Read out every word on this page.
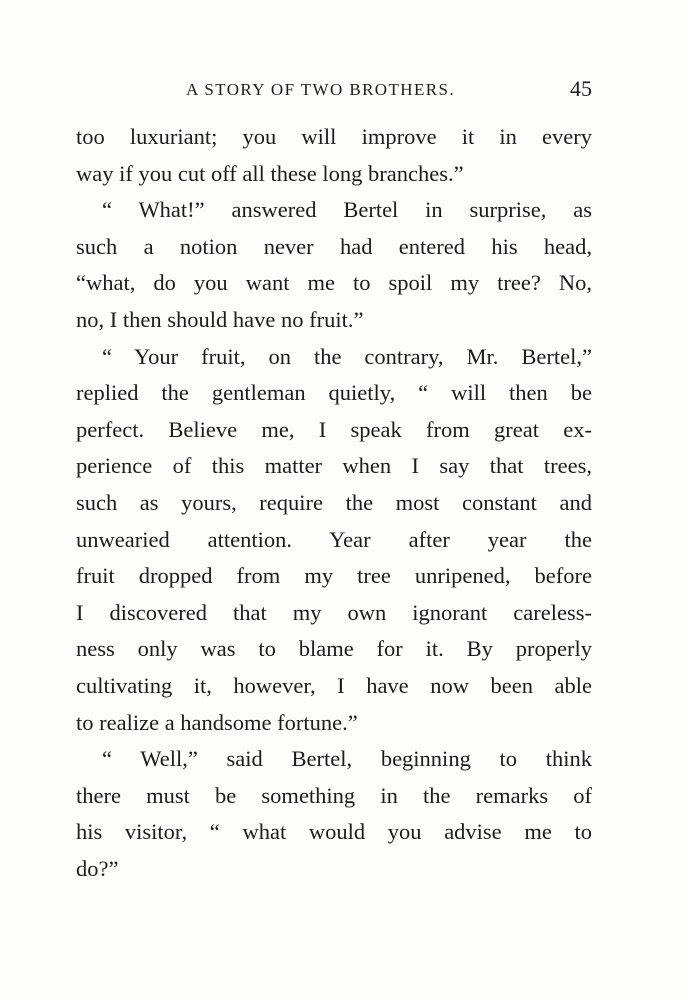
A STORY OF TWO BROTHERS.	45
too luxuriant; you will improve it in every
way if you cut off all these long branches.”
“ What!” answered Bertel in surprise, as
such a notion never had entered his head,
“what, do you want me to spoil my tree? No,
no, I then should have no fruit.”
“ Your fruit, on the contrary, Mr. Bertel,”
replied the gentleman quietly, “ will then be
perfect. Believe me, I speak from great ex-
perience of this matter when I say that trees,
such as yours, require the most constant and
unwearied attention. Year after year the
fruit dropped from my tree unripened, before
I discovered that my own ignorant careless-
ness only was to blame for it. By properly
cultivating it, however, I have now been able
to realize a handsome fortune.”
“ Well,” said Bertel, beginning to think
there must be something in the remarks of
his visitor, “ what would you advise me to
do?”
